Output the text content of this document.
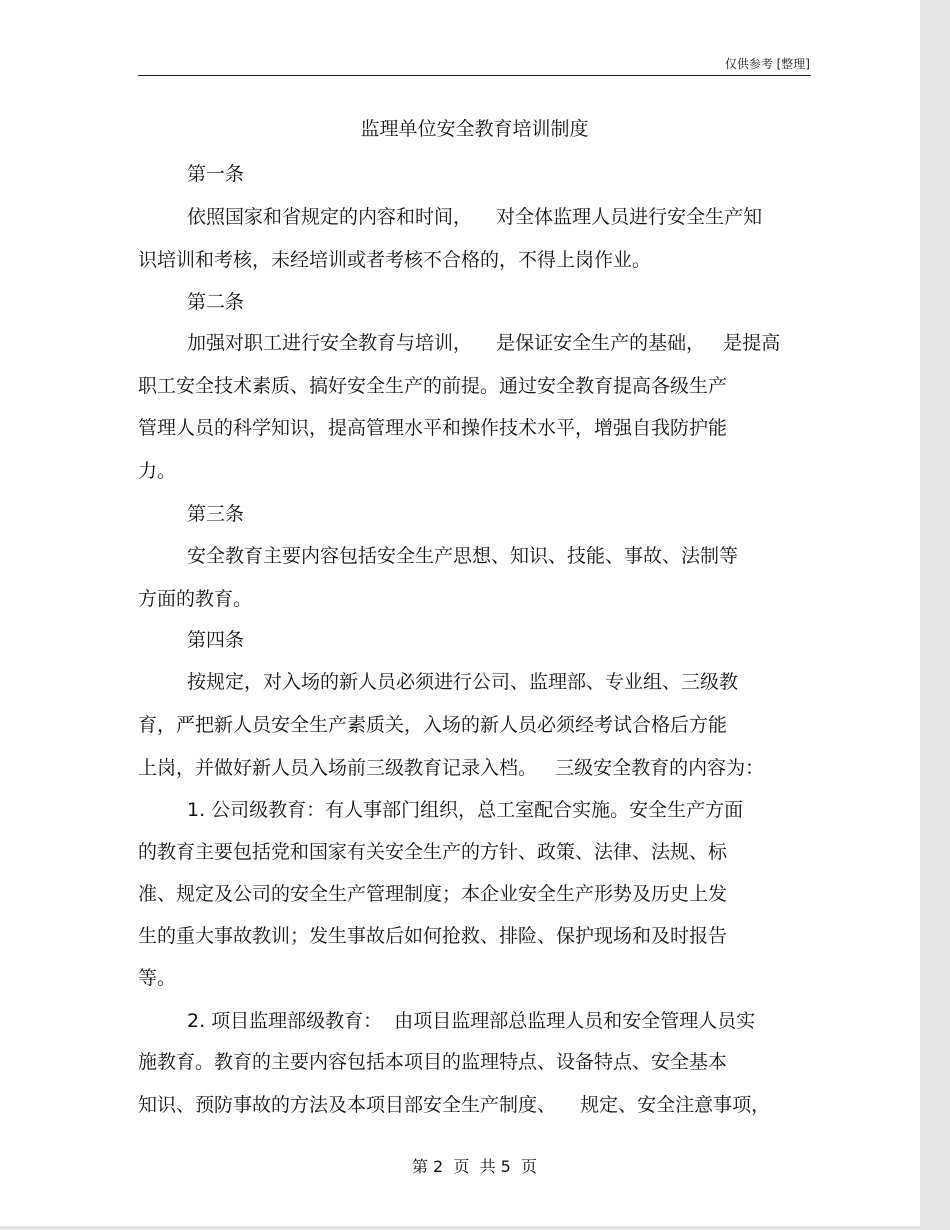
仅供参考 [整理]
监理单位安全教育培训制度
第一条
依照国家和省规定的内容和时间，    对全体监理人员进行安全生产知
识培训和考核，未经培训或者考核不合格的，不得上岗作业。
第二条
加强对职工进行安全教育与培训，    是保证安全生产的基础，   是提高
职工安全技术素质、搞好安全生产的前提。通过安全教育提高各级生产
管理人员的科学知识，提高管理水平和操作技术水平，增强自我防护能
力。
第三条
安全教育主要内容包括安全生产思想、知识、技能、事故、法制等
方面的教育。
第四条
按规定，对入场的新人员必须进行公司、监理部、专业组、三级教
育，严把新人员安全生产素质关，入场的新人员必须经考试合格后方能
上岗，并做好新人员入场前三级教育记录入档。   三级安全教育的内容为：
1. 公司级教育：有人事部门组织，总工室配合实施。安全生产方面
的教育主要包括党和国家有关安全生产的方针、政策、法律、法规、标
准、规定及公司的安全生产管理制度；本企业安全生产形势及历史上发
生的重大事故教训；发生事故后如何抢救、排险、保护现场和及时报告
等。
2. 项目监理部级教育：  由项目监理部总监理人员和安全管理人员实
施教育。教育的主要内容包括本项目的监理特点、设备特点、安全基本
知识、预防事故的方法及本项目部安全生产制度、    规定、安全注意事项，
第 2  页  共 5  页
